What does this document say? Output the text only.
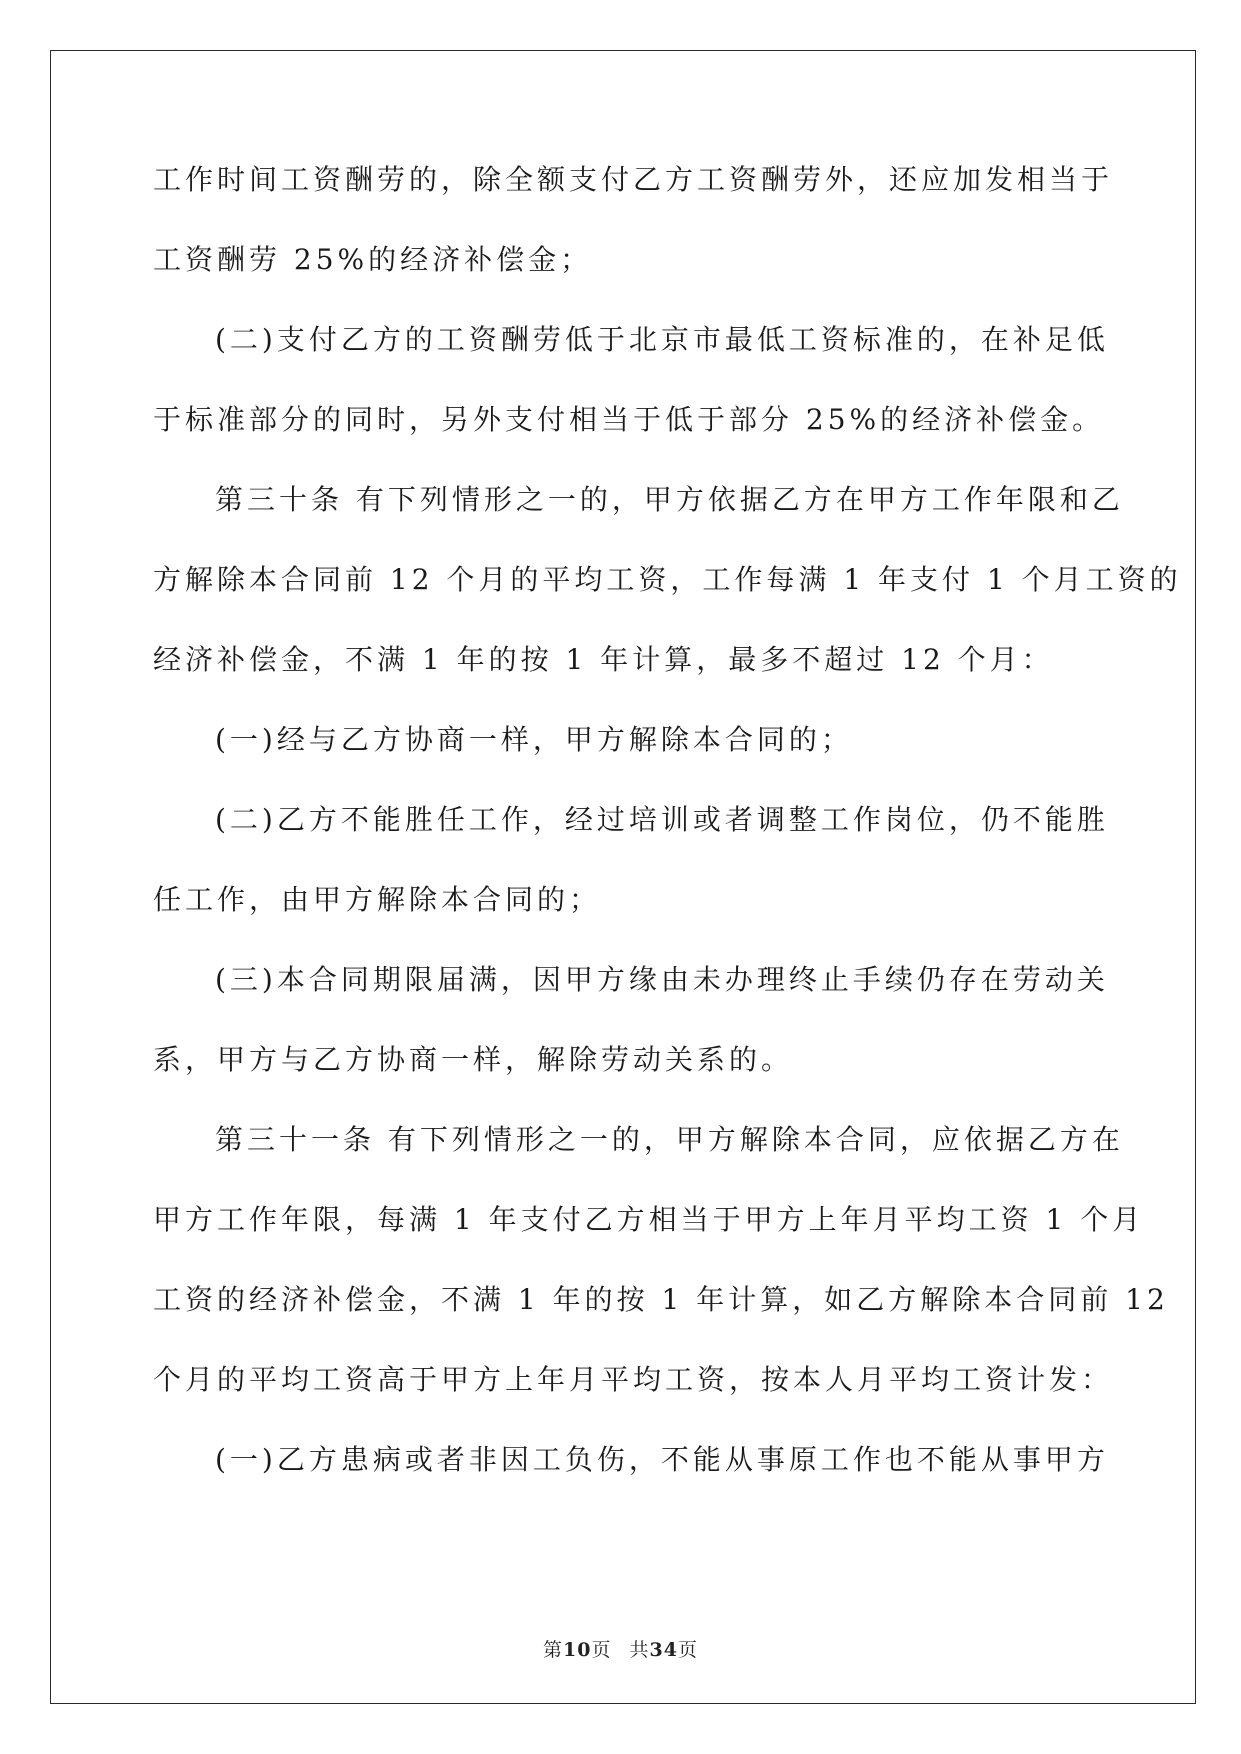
工作时间工资酬劳的，除全额支付乙方工资酬劳外，还应加发相当于
工资酬劳 25%的经济补偿金；
(二)支付乙方的工资酬劳低于北京市最低工资标准的，在补足低
于标准部分的同时，另外支付相当于低于部分 25%的经济补偿金。
第三十条 有下列情形之一的，甲方依据乙方在甲方工作年限和乙
方解除本合同前 12 个月的平均工资，工作每满 1 年支付 1 个月工资的
经济补偿金，不满 1 年的按 1 年计算，最多不超过 12 个月：
(一)经与乙方协商一样，甲方解除本合同的；
(二)乙方不能胜任工作，经过培训或者调整工作岗位，仍不能胜
任工作，由甲方解除本合同的；
(三)本合同期限届满，因甲方缘由未办理终止手续仍存在劳动关
系，甲方与乙方协商一样，解除劳动关系的。
第三十一条 有下列情形之一的，甲方解除本合同，应依据乙方在
甲方工作年限，每满 1 年支付乙方相当于甲方上年月平均工资 1 个月
工资的经济补偿金，不满 1 年的按 1 年计算，如乙方解除本合同前 12
个月的平均工资高于甲方上年月平均工资，按本人月平均工资计发：
(一)乙方患病或者非因工负伤，不能从事原工作也不能从事甲方
第10页 共34页
